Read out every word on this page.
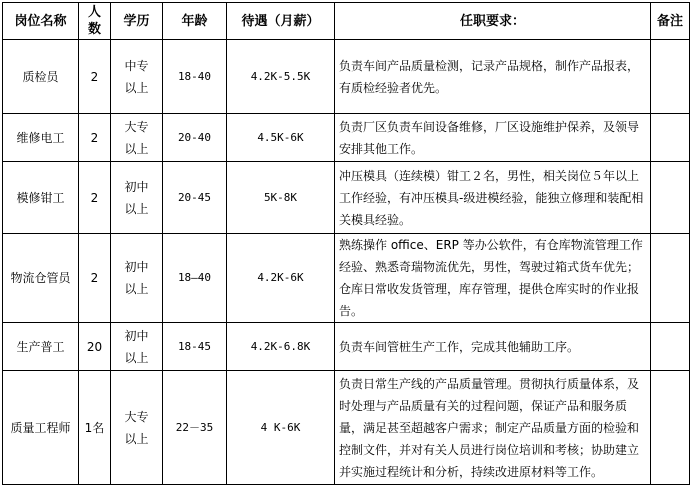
岗位名称	人数	学历	年龄	待遇（月薪）	任职要求：	备注
质检员	2	中专以上	18-40	4.2K-5.5K	负责车间产品质量检测，记录产品规格，制作产品报表，有质检经验者优先。	
维修电工	2	大专以上	20-40	4.5K-6K	负责厂区负责车间设备维修，厂区设施维护保养，及领导安排其他工作。	
模修钳工	2	初中以上	20-45	5K-8K	冲压模具（连续模）钳工２名，男性，相关岗位５年以上工作经验，有冲压模具-级进模经验，能独立修理和装配相关模具经验。	
物流仓管员	2	初中以上	18—40	4.2K-6K	熟练操作 office、ERP 等办公软件，有仓库物流管理工作经验、熟悉奇瑞物流优先，男性，驾驶过箱式货车优先；仓库日常收发货管理，库存管理，提供仓库实时的作业报告。	
生产普工	20	初中以上	18-45	4.2K-6.8K	负责车间管桩生产工作，完成其他辅助工序。	
质量工程师	1名	大专以上	22－35	4 K-6K	负责日常生产线的产品质量管理。贯彻执行质量体系，及时处理与产品质量有关的过程问题，保证产品和服务质量，满足甚至超越客户需求；制定产品质量方面的检验和控制文件，并对有关人员进行岗位培训和考核；协助建立并实施过程统计和分析，持续改进原材料等工作。	
